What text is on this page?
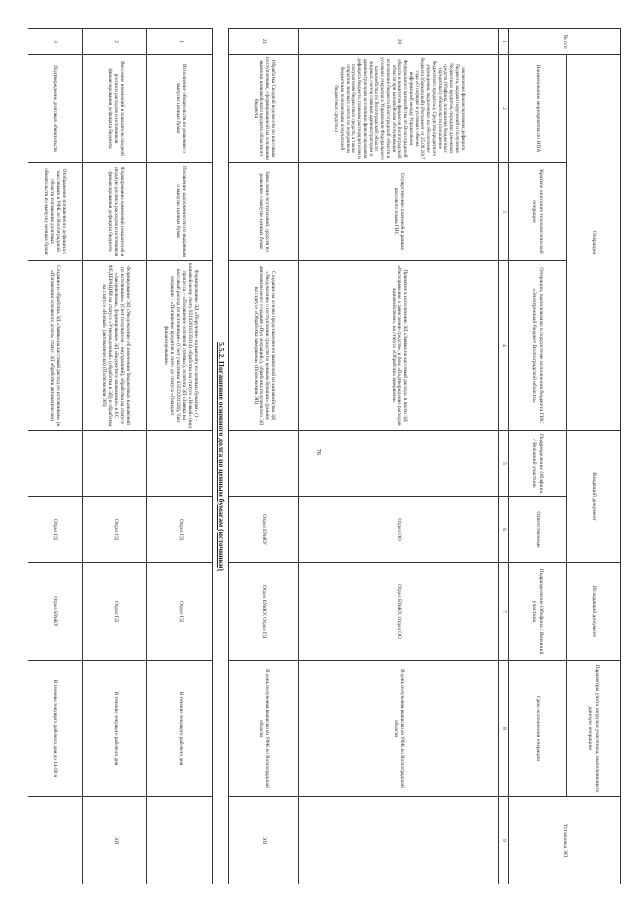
76
№ п/п	Операции			Входящий документ		Исходящий документ	Параметры учета загрузки участника, выполняющего данную операцию	Установка ЭП
	Наименование мероприятия по НПА	Краткое описание технологической операции	Операции, выполняемые в подсистеме исполнения бюджета ГИС «Электронный бюджет Волгоградской области»	Подразделение Облфина / Внешний участник	Ответственные	Подразделение Облфина / Внешний участник	Срок исполнения операции	
1	2	3	4	5	6	7	8	9
20	заключения финансирования дефицита бюджета, выдачи поручений и получения бюджетных кредитов, передачи денежных средств Облфина, погашения бюджетных (кредитных) обязательств (погашение бюджетного кредита»); Средства кредитного учреждения, выделенные на обеспечение бюджета (банковский) (Регламент от 25.09.2017 года «О порядке и условиях обмена информацией между Управлением Федерального казначейства по Волгоградской области и комитетом финансов Волгоградской области при казначейском обслуживании исполнения бюджета Волгоградской области в условиях открытия в Управлении Федерального казначейства по Волгоградской области лицевых счетов главным администраторам и администраторам источников финансирования дефицита бюджета, главным распорядителям и получателям бюджетных средств, а также открытия лицевых счетов по переданным бюджетным полномочиям получателей бюджетных средств»)	Осуществление платежей в рамках кассового плана ГИС	Принятие к исполнению ЭД «Заявка на кассовый расход» в части ЭД «Распоряжение о зачислении средств», в базе «Подтверждение расходов казначейством», на статусе «Обработка завершена»		Отдел ОО	Отдел БУиКУ, Отдел ОО	В день получения выписки из УФК по Волгоградской области	
21	Обработка Сводной ведомости по кассовым поступлениям, сформированной на основании выписки казначейского кредита областного бюджета	Зачисление поступлений, средств по решению о выпуске ценных бумаг	Создание на основе представленного выпиской из казначейства ЭД «Уведомление о поступлении средств по ценным бумагам» (режим автоматического создания «Пул операций»), обработка полученного ЭД на статусе «Обработка завершена» (Полномочия ЭП)		Отдел БУиКУ	Отдел БУиКУ, Отдел ГД	В день получения выписки из УФК по Волгоградской области	ЭП
5.5.2. Погашение основного долга по ценным бумагам (источники)								
1	Исполнение обязательств по решению о выпуске ценных бумаг	Погашение задолженности по выданным о выпуске ценных бумаг	Формирование ЭД «Поручение на выплату по ценным бумагам» (1 – казначейскому счету 02102810335014) обработка на статусе «Новый» (вид процесса – «Погашение основной суммы»), полнота ЭД «Заявка на кассовый расход по источникам» (Счет участника 03222201326), Тип операции – «Погашение кредитов в счет» до статуса «Ожидает финансирования»		Отдел ГД	Отдел ГД	В течение текущего рабочего дня	
2	Внесение изменений в показатели сводной росписи расходов и источников финансирования дефицита бюджета	Формирование изменений показателей в сводную роспись расходов и источников финансирования дефицита бюджета	Формирование ЭД «Уведомление об изменении бюджетных назначений по источникам» (Счет получателя – внутренний), обработка на статусе «Завершенная», формирование ЭД «Бюджетное назначение» в ЕС ФЕДЕРАЦИИ на статусе «Утвержденный» (обработка в ЭД) и обработка на статусе «Новый» (автоматически) (Полномочия ЭП)		Отдел ГД	Отдел ГД	В течение текущего рабочего дня	ЭП
3	Подтверждение долговых обязательств	Отображение погашенного дефицита с кассовыми в УФК по Волгоградской области погашения долговых обязательств по выпуску ценных бумаг	Создание и обработка ЭД «Заявка на кассовый расход по источникам» (в «Погашении основного долга» статус ЭД обработки автоматически)		Отдел ГД	Отдел БУиКУ	В течение текущего рабочего дня до 14-00 ч	
